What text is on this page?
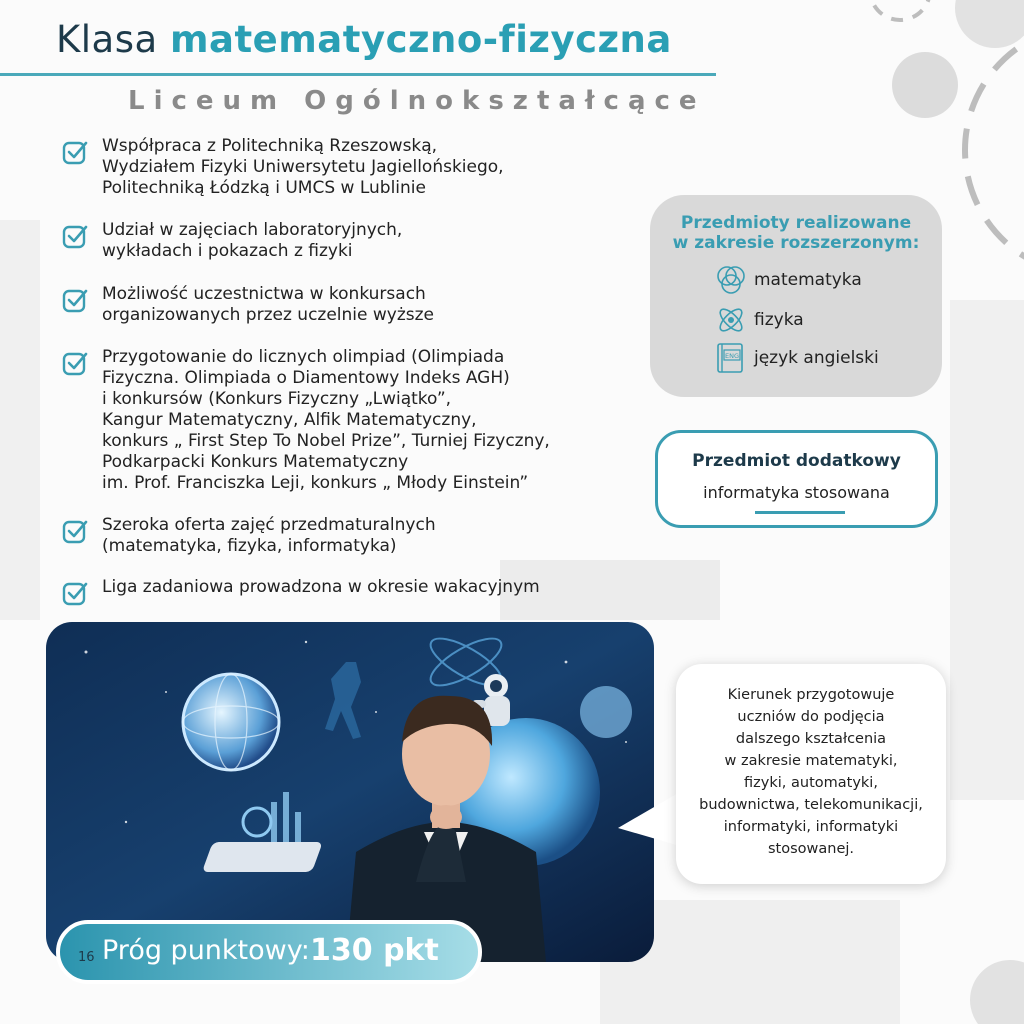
Klasa matematyczno-fizyczna
Liceum Ogólnokształcące
Współpraca z Politechniką Rzeszowską,
Wydziałem Fizyki Uniwersytetu Jagiellońskiego,
Politechniką Łódzką i UMCS w Lublinie
Udział w zajęciach laboratoryjnych,
wykładach i pokazach z fizyki
Możliwość uczestnictwa w konkursach
organizowanych przez uczelnie wyższe
Przygotowanie do licznych olimpiad (Olimpiada
Fizyczna. Olimpiada o Diamentowy Indeks AGH)
i konkursów (Konkurs Fizyczny „Lwiątko”,
Kangur Matematyczny, Alfik Matematyczny,
konkurs „ First Step To Nobel Prize”, Turniej Fizyczny,
Podkarpacki Konkurs Matematyczny
im. Prof. Franciszka Leji, konkurs „ Młody Einstein”
Szeroka oferta zajęć przedmaturalnych
(matematyka, fizyka, informatyka)
Liga zadaniowa prowadzona w okresie wakacyjnym
Przedmioty realizowane
w zakresie rozszerzonym:
matematyka
fizyka
ENG język angielski
Przedmiot dodatkowy
informatyka stosowana
Kierunek przygotowuje
uczniów do podjęcia
dalszego kształcenia
w zakresie matematyki,
fizyki, automatyki,
budownictwa, telekomunikacji,
informatyki, informatyki
stosowanej.
16 Próg punktowy: 130 pkt
